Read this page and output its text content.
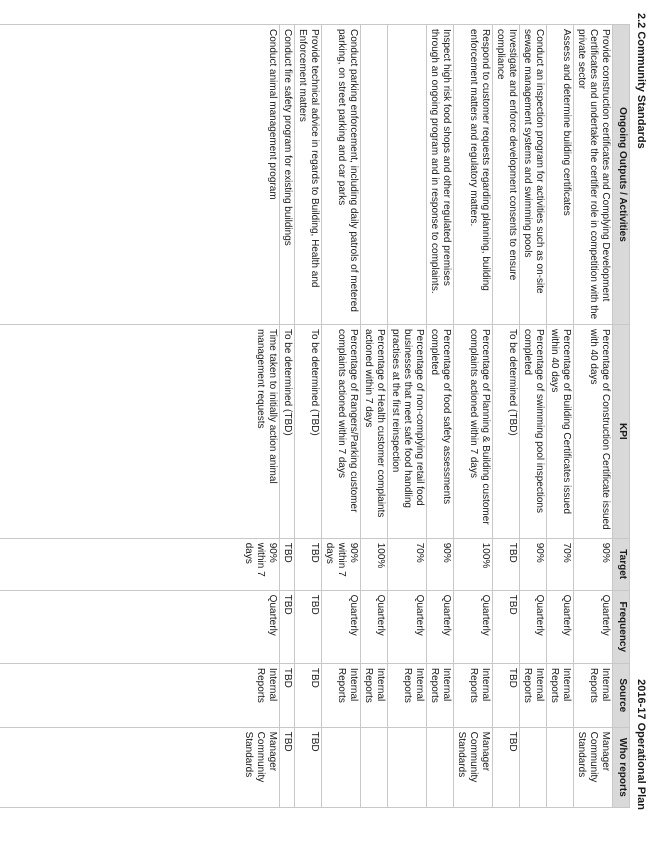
2.2 Community Standards
2016-17 Operational Plan
Ongoing Outputs / Activities	KPI	Target	Frequency	Source	Who reports
Provide construction certificates and Complying Development Certificates and undertake the certifier role in competition with the private sector	Percentage of Construction Certificate issued with 40 days	90%	Quarterly	Internal Reports	Manager Community Standards
Assess and determine building certificates	Percentage of Building Certificates issued within 40 days	70%	Quarterly	Internal Reports	
Conduct an inspection program for activities such as on-site sewage management systems and swimming pools	Percentage of swimming pool inspections completed	90%	Quarterly	Internal Reports	
Investigate and enforce development consents to ensure compliance	To be determined (TBD)	TBD	TBD	TBD	TBD
Respond to customer requests regarding planning, building enforcement matters and regulatory matters.	Percentage of Planning & Building customer complaints actioned within 7 days	100%	Quarterly	Internal Reports	Manager Community Standards
Inspect high risk food shops and other regulated premises through an ongoing program and in response to complaints.	Percentage of food safety assessments completed	90%	Quarterly	Internal Reports	
	Percentage of non-complying retail food businesses that meet safe food handling practises at the first reinspection	70%	Quarterly	Internal Reports	
	Percentage of Health customer complaints actioned within 7 days	100%	Quarterly	Internal Reports	
Conduct parking enforcement, including daily patrols of metered parking, on street parking and car parks	Percentage of Rangers/Parking customer complaints actioned within 7 days	90% within 7 days	Quarterly	Internal Reports	
Provide technical advice in regards to Building, Health and Enforcement matters	To be determined (TBD)	TBD	TBD	TBD	TBD
Conduct fire safety program for existing buildings	To be determined (TBD)	TBD	TBD	TBD	TBD
Conduct animal management program	Time taken to initially action animal management requests	90% within 7 days	Quarterly	Internal Reports	Manager Community Standards
